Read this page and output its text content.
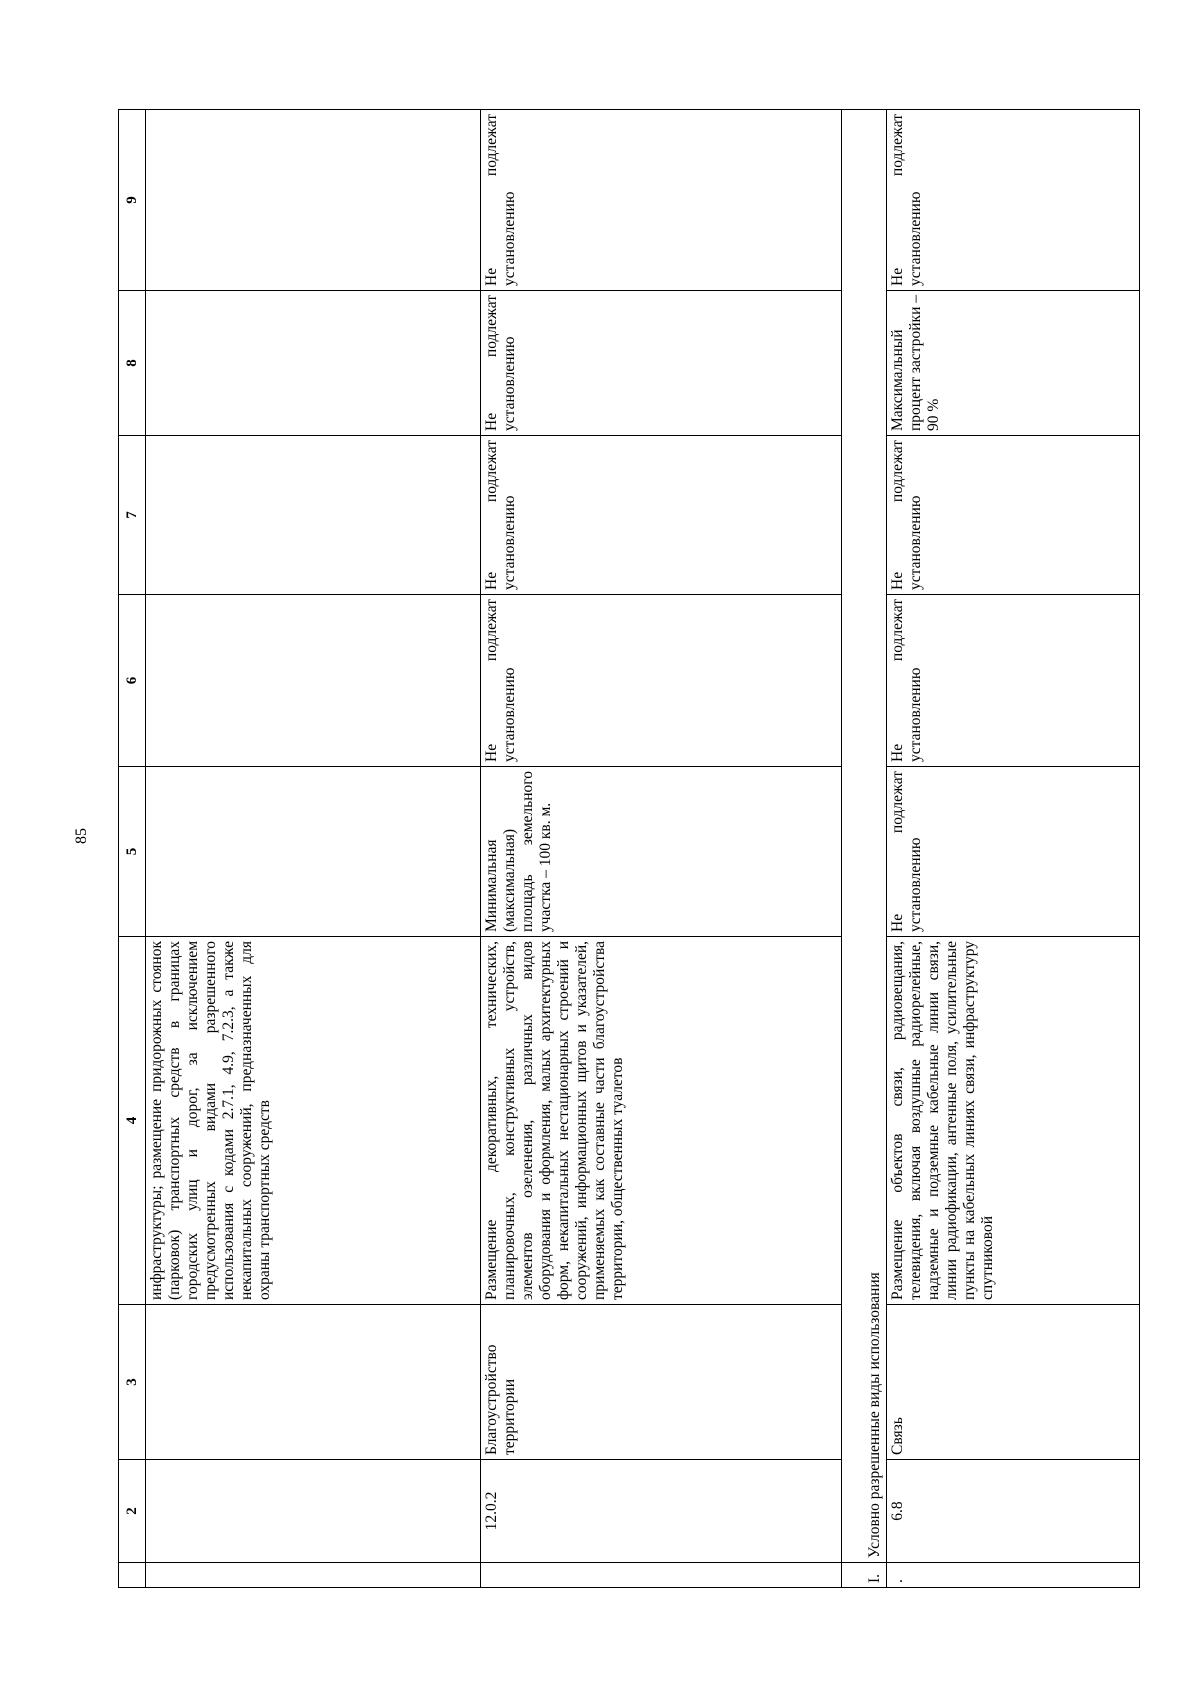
85
	2	3	4	5	6	7	8	9
			инфраструктуры; размещение придорожных стоянок (парковок) транспортных средств в границах городских улиц и дорог, за исключением предусмотренных видами разрешенного использования с кодами 2.7.1, 4.9, 7.2.3, а также некапитальных сооружений, предназначенных для охраны транспортных средств					
	12.0.2	Благоустройство территории	Размещение декоративных, технических, планировочных, конструктивных устройств, элементов озеленения, различных видов оборудования и оформления, малых архитектурных форм, некапитальных нестационарных строений и сооружений, информационных щитов и указателей, применяемых как составные части благоустройства территории, общественных туалетов	Минимальная (максимальная) площадь земельного участка – 100 кв. м.	Не подлежат установлению	Не подлежат установлению	Не подлежат установлению	Не подлежат установлению
I.	Условно разрешенные виды использования							
.	6.8	Связь	Размещение объектов связи, радиовещания, телевидения, включая воздушные радиорелейные, надземные и подземные кабельные линии связи, линии радиофикации, антенные поля, усилительные пункты на кабельных линиях связи, инфраструктуру спутниковой	Не подлежат установлению	Не подлежат установлению	Не подлежат установлению	Максимальный процент застройки – 90 %	Не подлежат установлению
